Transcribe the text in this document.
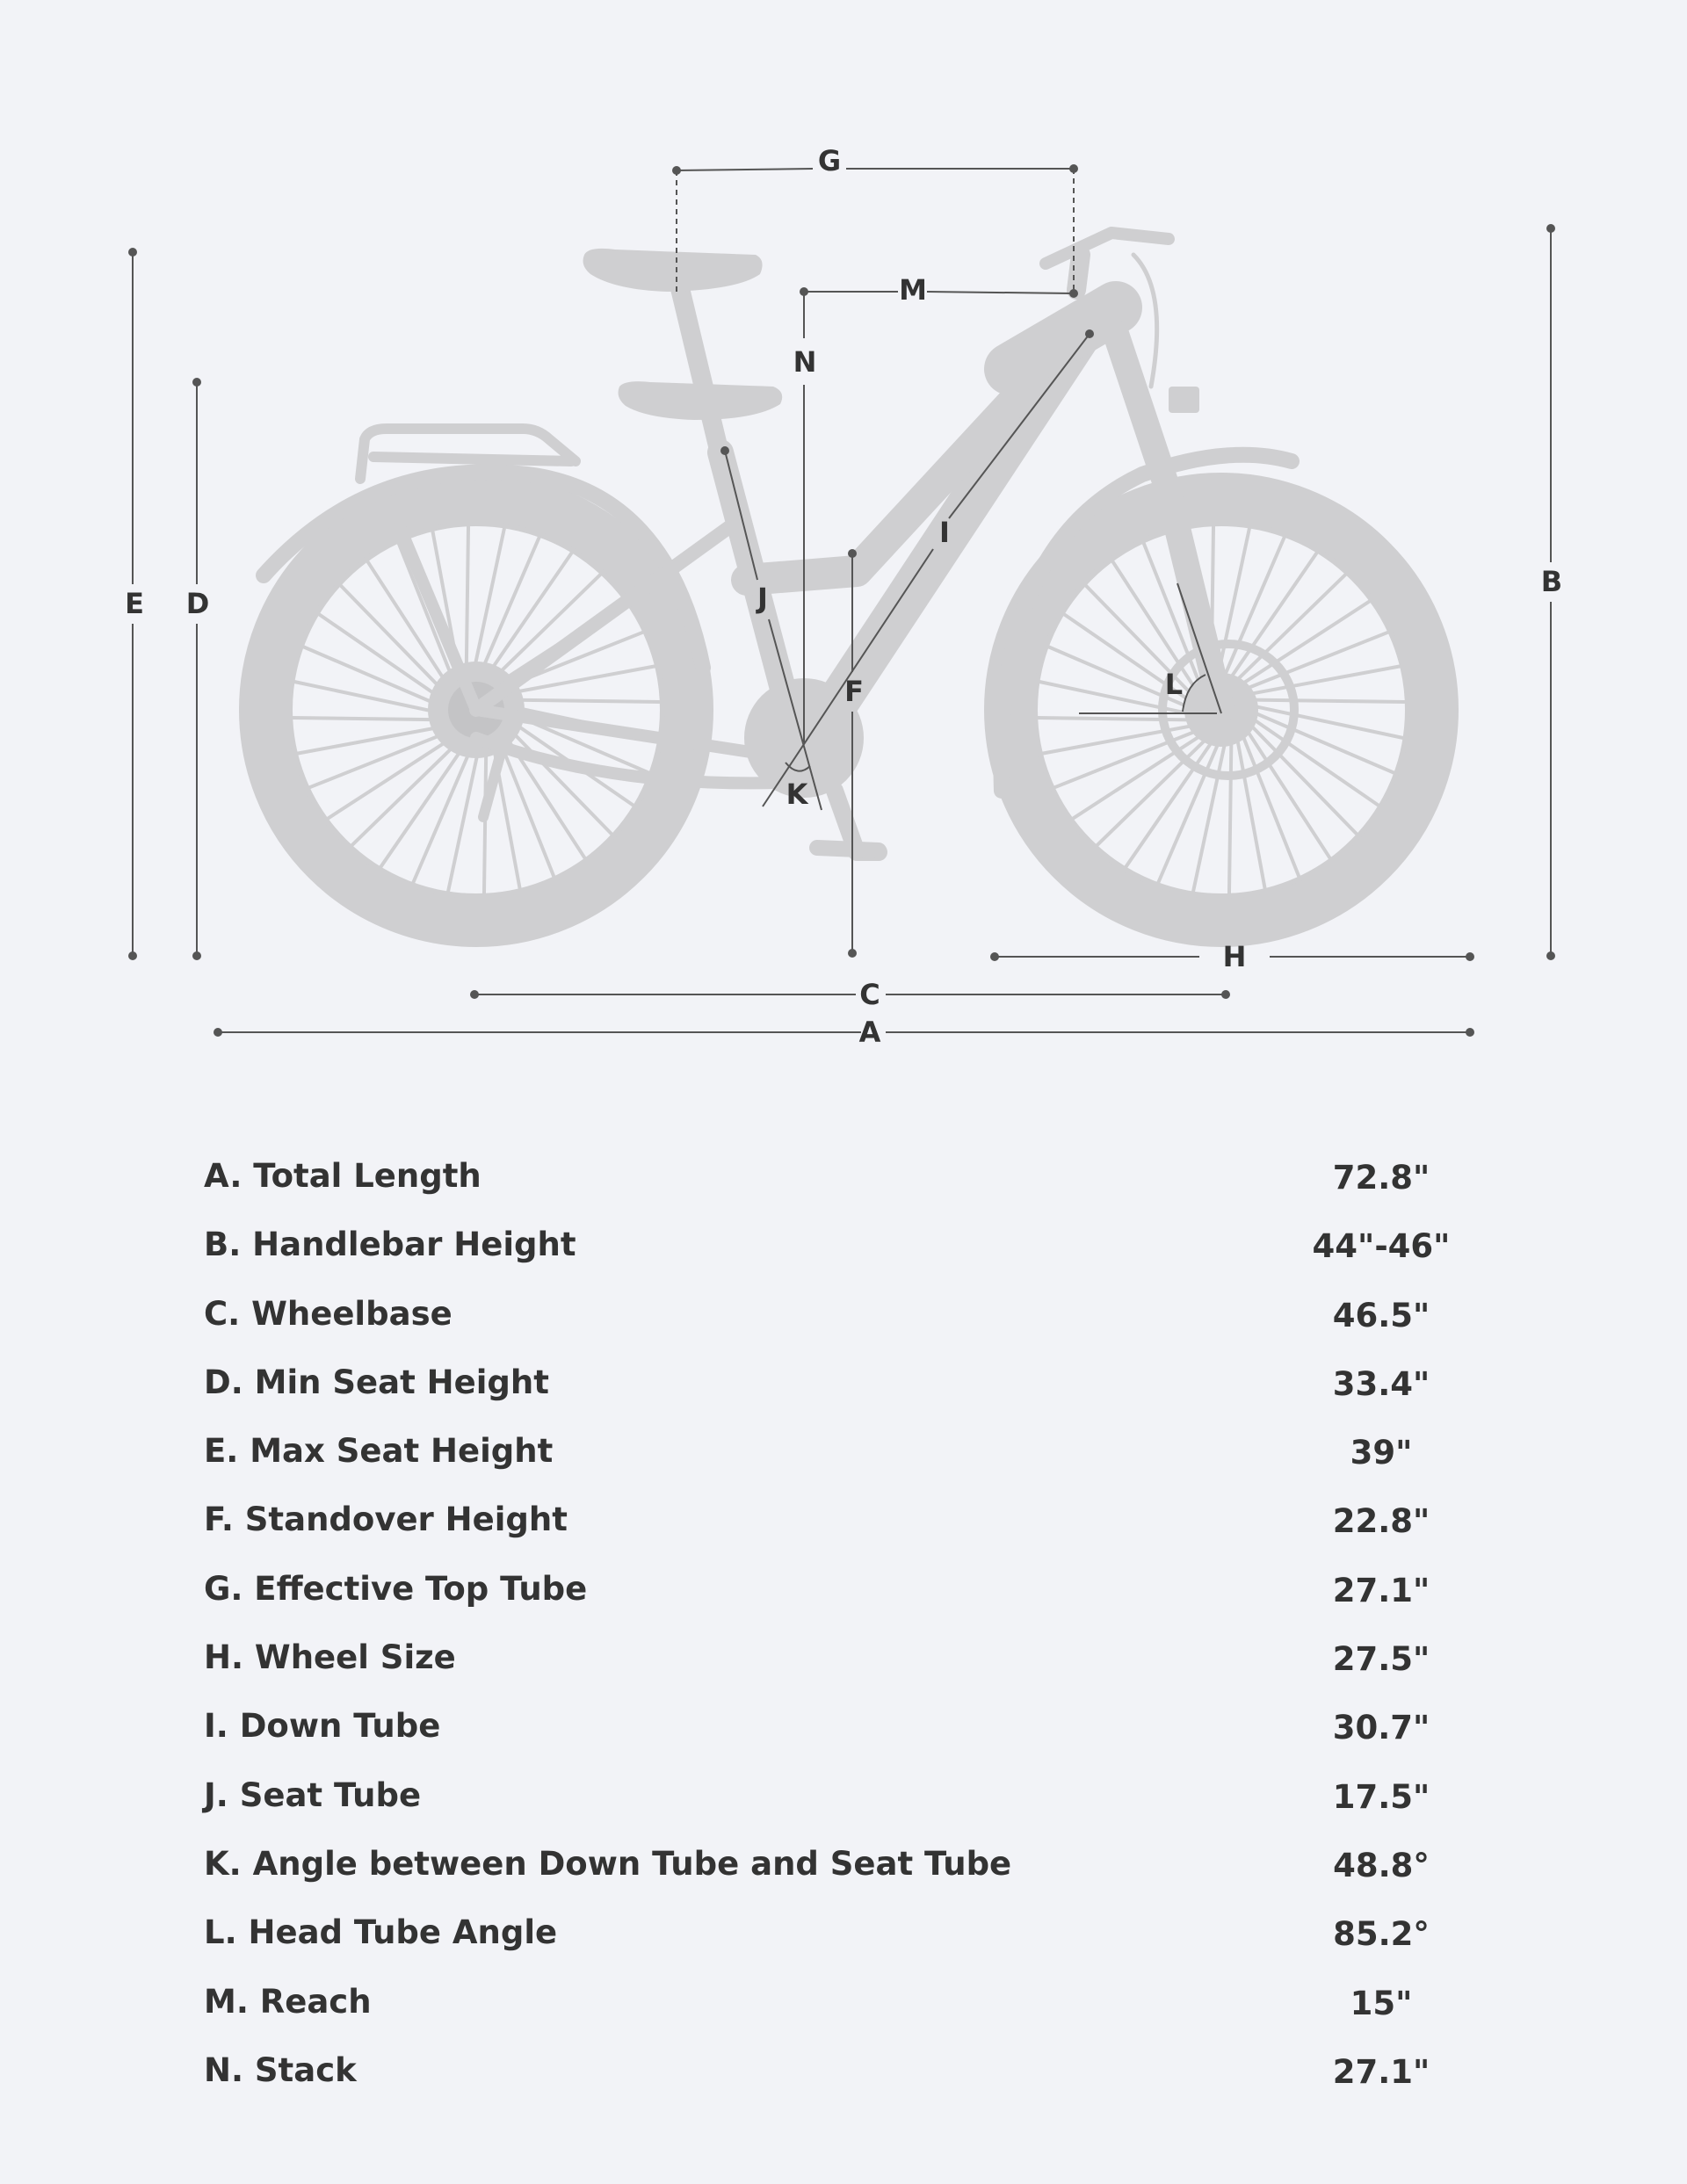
A
C
H
E D
B
F
G
M
N
J
I
K
L
A. Total Length	72.8"
B. Handlebar Height	44"-46"
C. Wheelbase	46.5"
D. Min Seat Height	33.4"
E. Max Seat Height	39"
F. Standover Height	22.8"
G. Effective Top Tube	27.1"
H. Wheel Size	27.5"
I. Down Tube	30.7"
J. Seat Tube	17.5"
K. Angle between Down Tube and Seat Tube	48.8°
L. Head Tube Angle	85.2°
M. Reach	15"
N. Stack	27.1"
